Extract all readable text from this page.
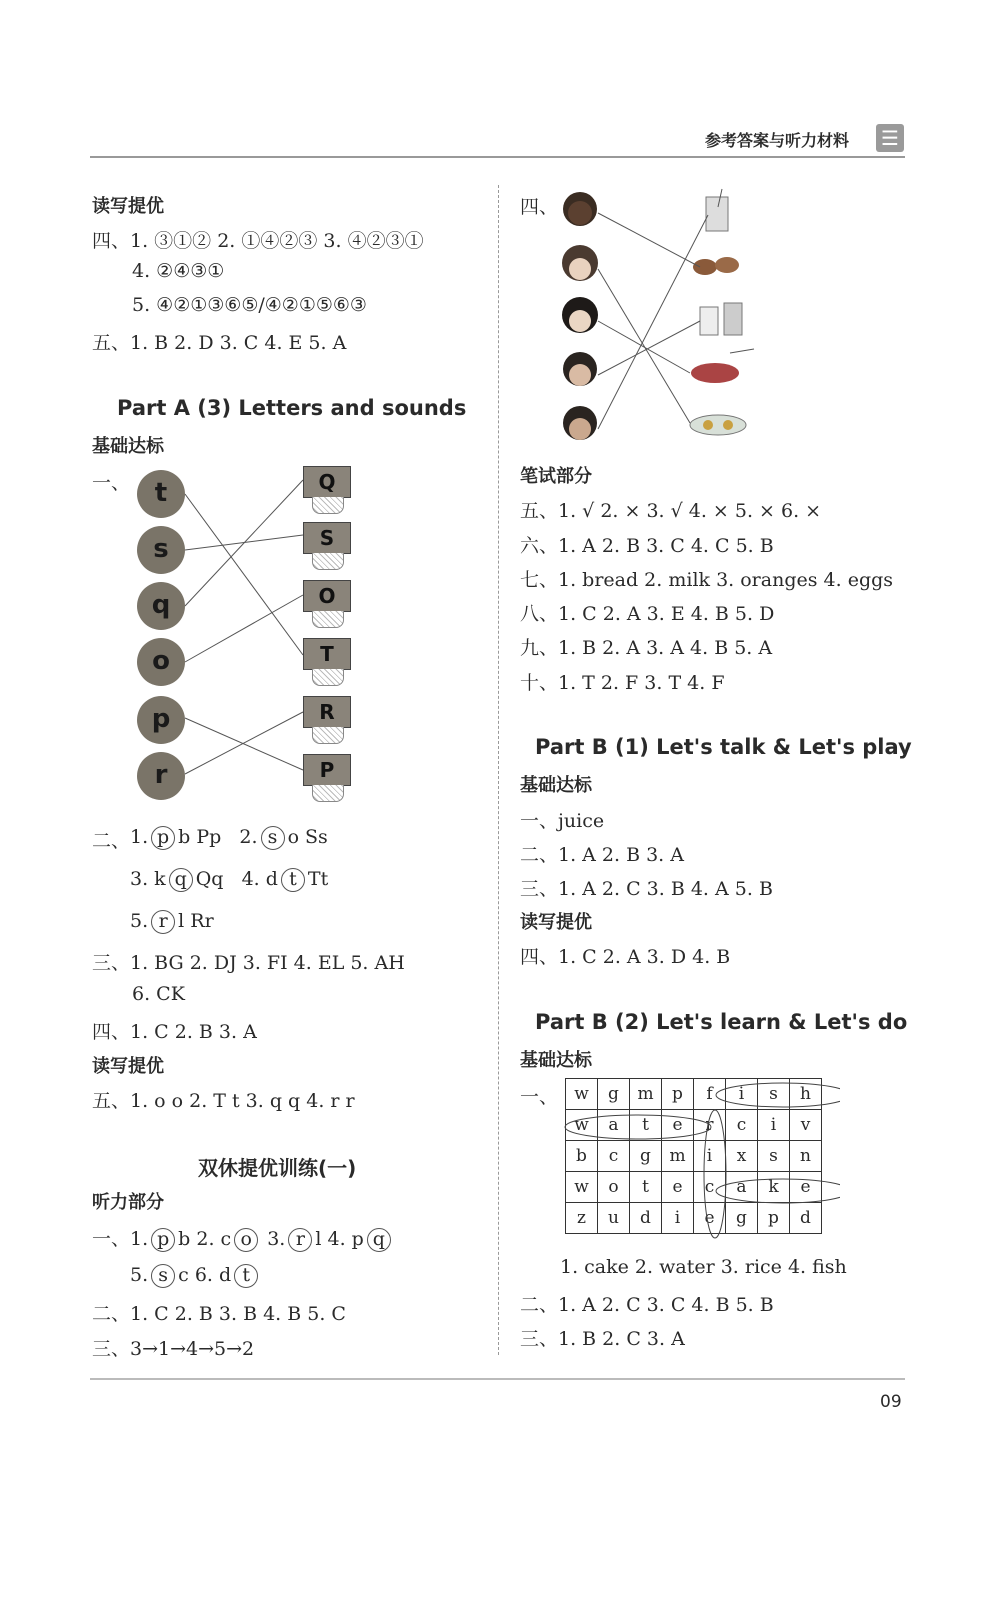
参考答案与听力材料 ☰
读写提优
四、1. ③①② 2. ①④②③ 3. ④②③①
4. ②④③①
5. ④②①③⑥⑤/④②①⑤⑥③
五、1. B 2. D 3. C 4. E 5. A
Part A (3) Letters and sounds
基础达标
一、 t
s
q
o
p
r
Q
S
O
T
R
P
二、 1. p b Pp 2. s o Ss
3. k q Qq 4. d t Tt
5. r l Rr
三、1. BG 2. DJ 3. FI 4. EL 5. AH
6. CK
四、1. C 2. B 3. A
读写提优
五、1. o o 2. T t 3. q q 4. r r
双休提优训练(一)
听力部分
一、1. p b 2. c o 3. r l 4. p q
5. s c 6. d t
二、1. C 2. B 3. B 4. B 5. C
三、3→1→4→5→2
四、
笔试部分
五、1. √ 2. × 3. √ 4. × 5. × 6. ×
六、1. A 2. B 3. C 4. C 5. B
七、1. bread 2. milk 3. oranges 4. eggs
八、1. C 2. A 3. E 4. B 5. D
九、1. B 2. A 3. A 4. B 5. A
十、1. T 2. F 3. T 4. F
Part B (1) Let's talk & Let's play
基础达标
一、juice
二、1. A 2. B 3. A
三、1. A 2. C 3. B 4. A 5. B
读写提优
四、1. C 2. A 3. D 4. B
Part B (2) Let's learn & Let's do
基础达标
一、 w	g	m	p	f	i	s	h
w	a	t	e	r	c	i	v
b	c	g	m	i	x	s	n
w	o	t	e	c	a	k	e
z	u	d	i	e	g	p	d
1. cake 2. water 3. rice 4. fish
二、1. A 2. C 3. C 4. B 5. B
三、1. B 2. C 3. A
09
